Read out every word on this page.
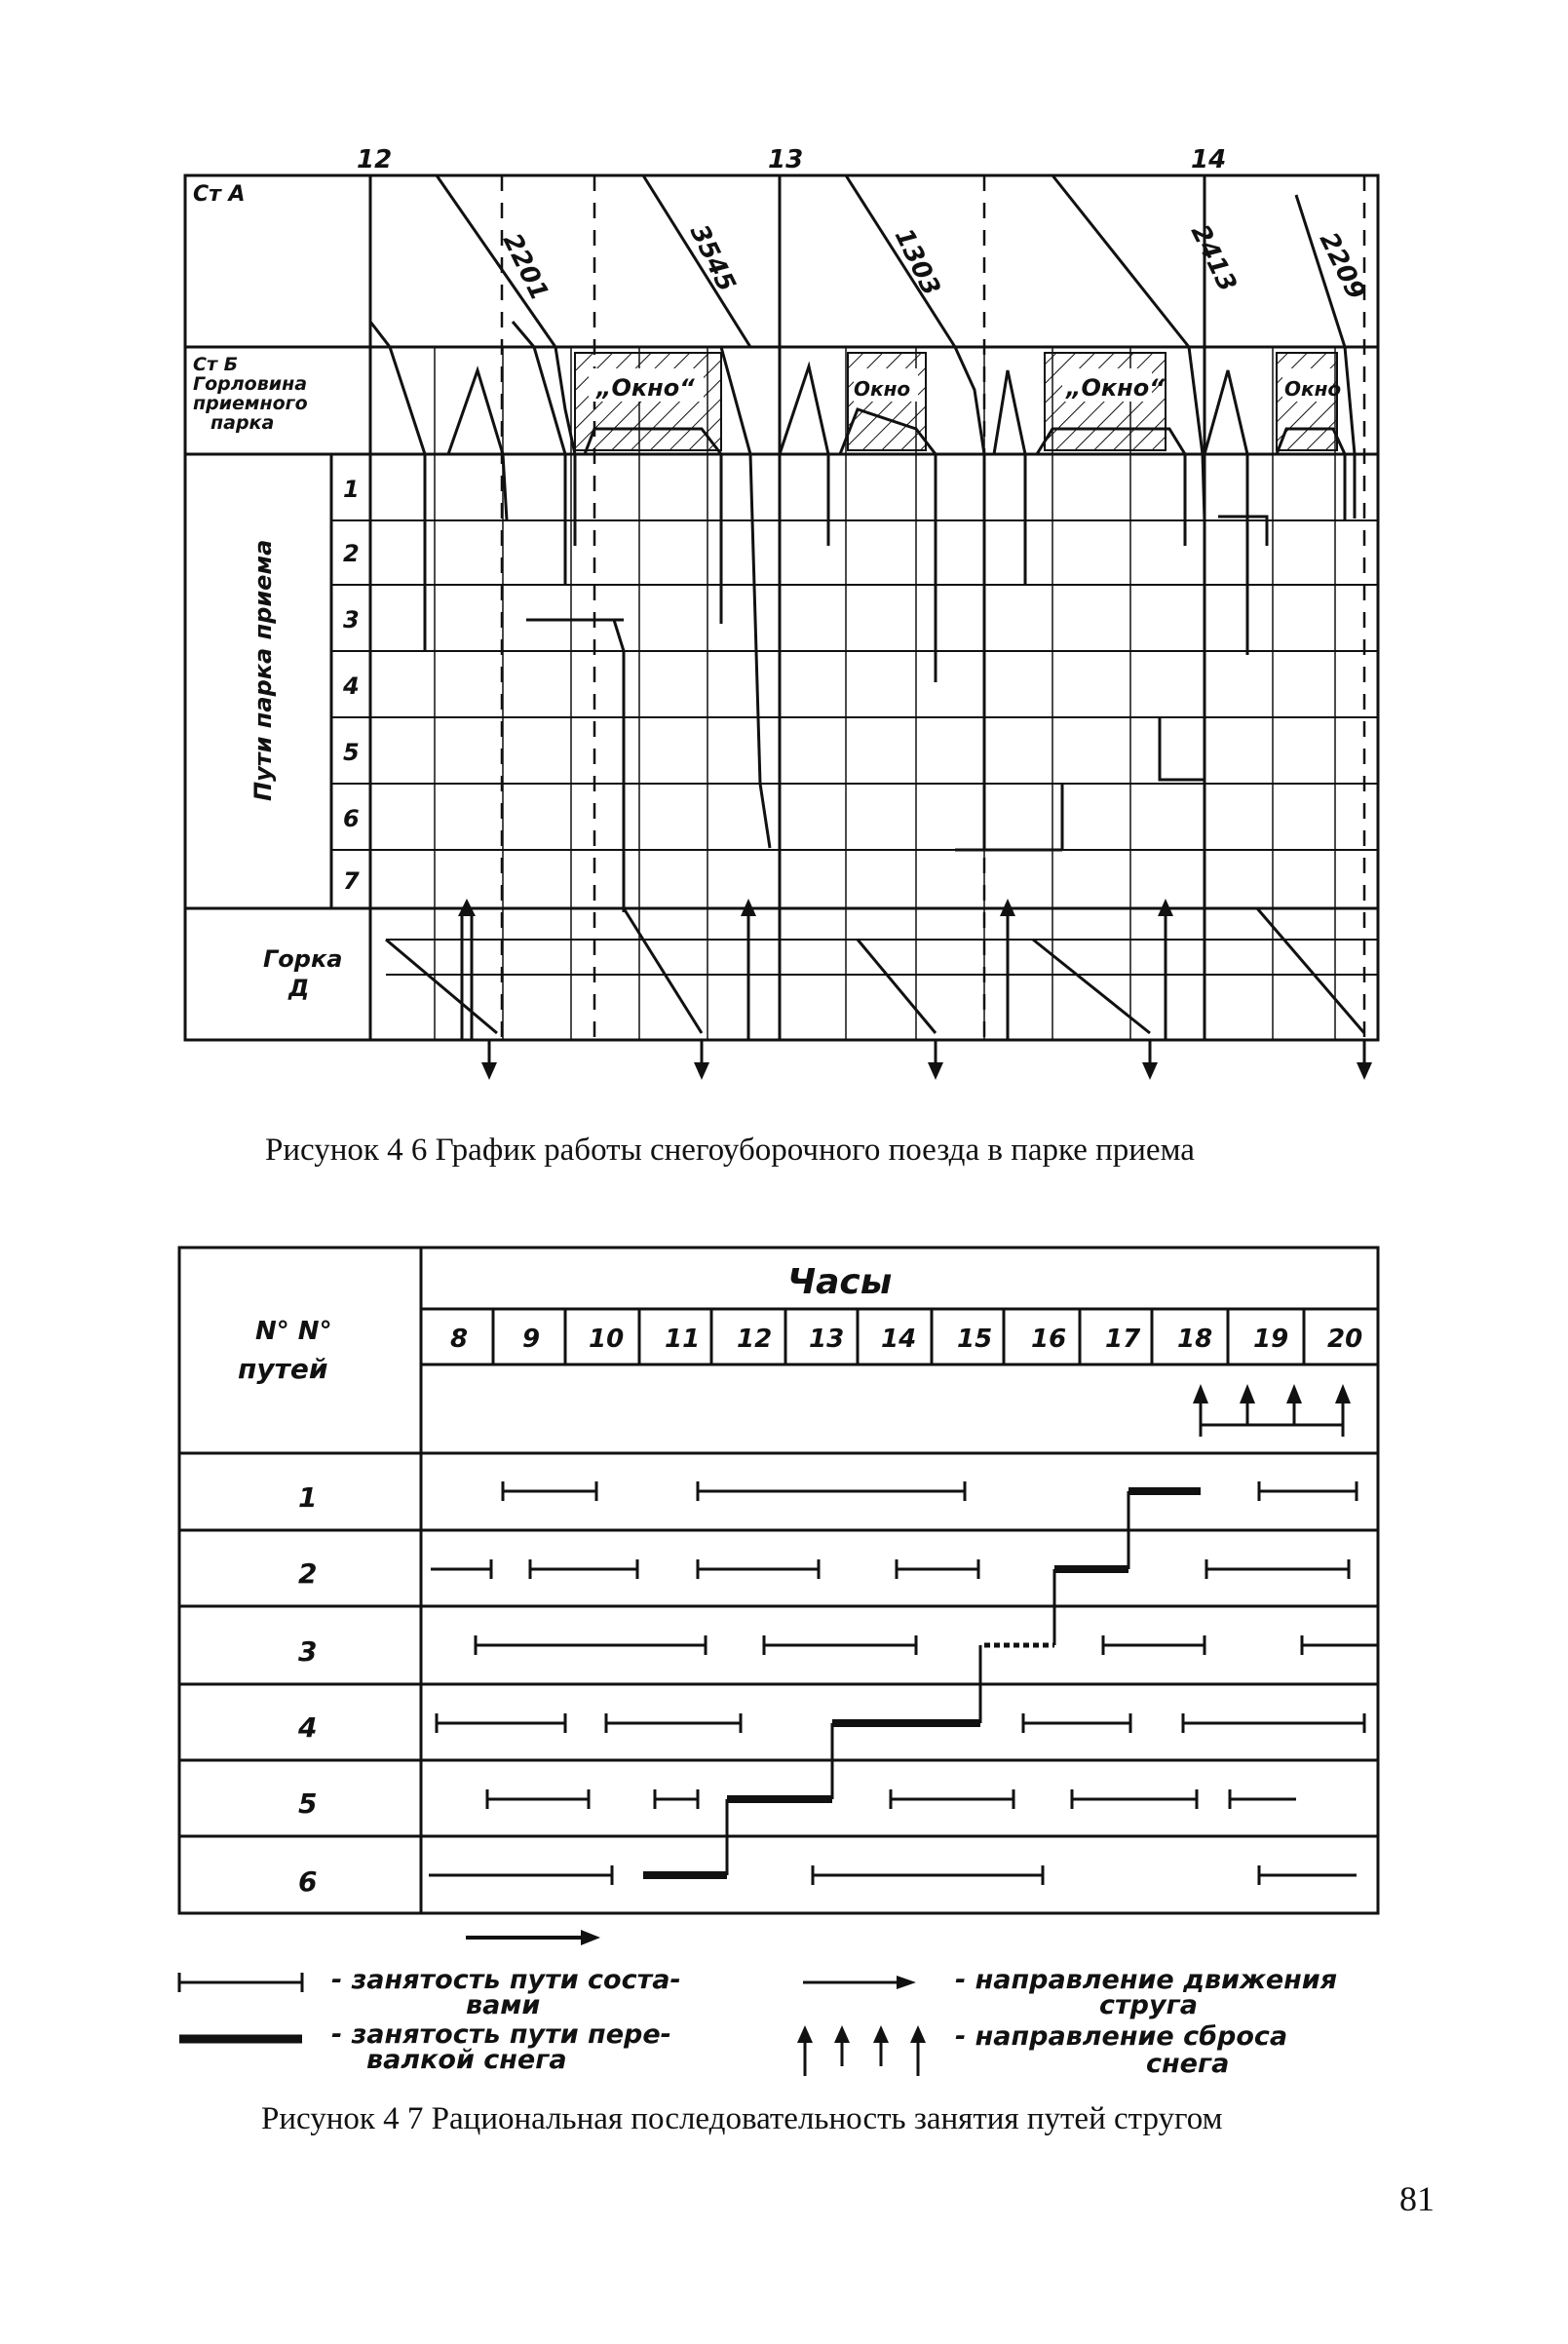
„Окно“	Окно	„Окно“	Окно
12	13	14
Ст А
Ст Б
Горловина
приемного
парка
Пути парка приема
1
2
3
4
5
6
7
Горка
Д
2201	3545	1303	2413	2209
Рисунок 4 6 График работы снегоуборочного поезда в парке приема
Часы
N° N°
путей
8 9 10 11 12 13 14 15 16 17 18 19 20
1
2
3
4
5
6
- занятость пути соста-
вами
- занятость пути пере-
валкой снега
- направление движения
струга
- направление сброса
снега
Рисунок 4 7 Рациональная последовательность занятия путей стругом
81
